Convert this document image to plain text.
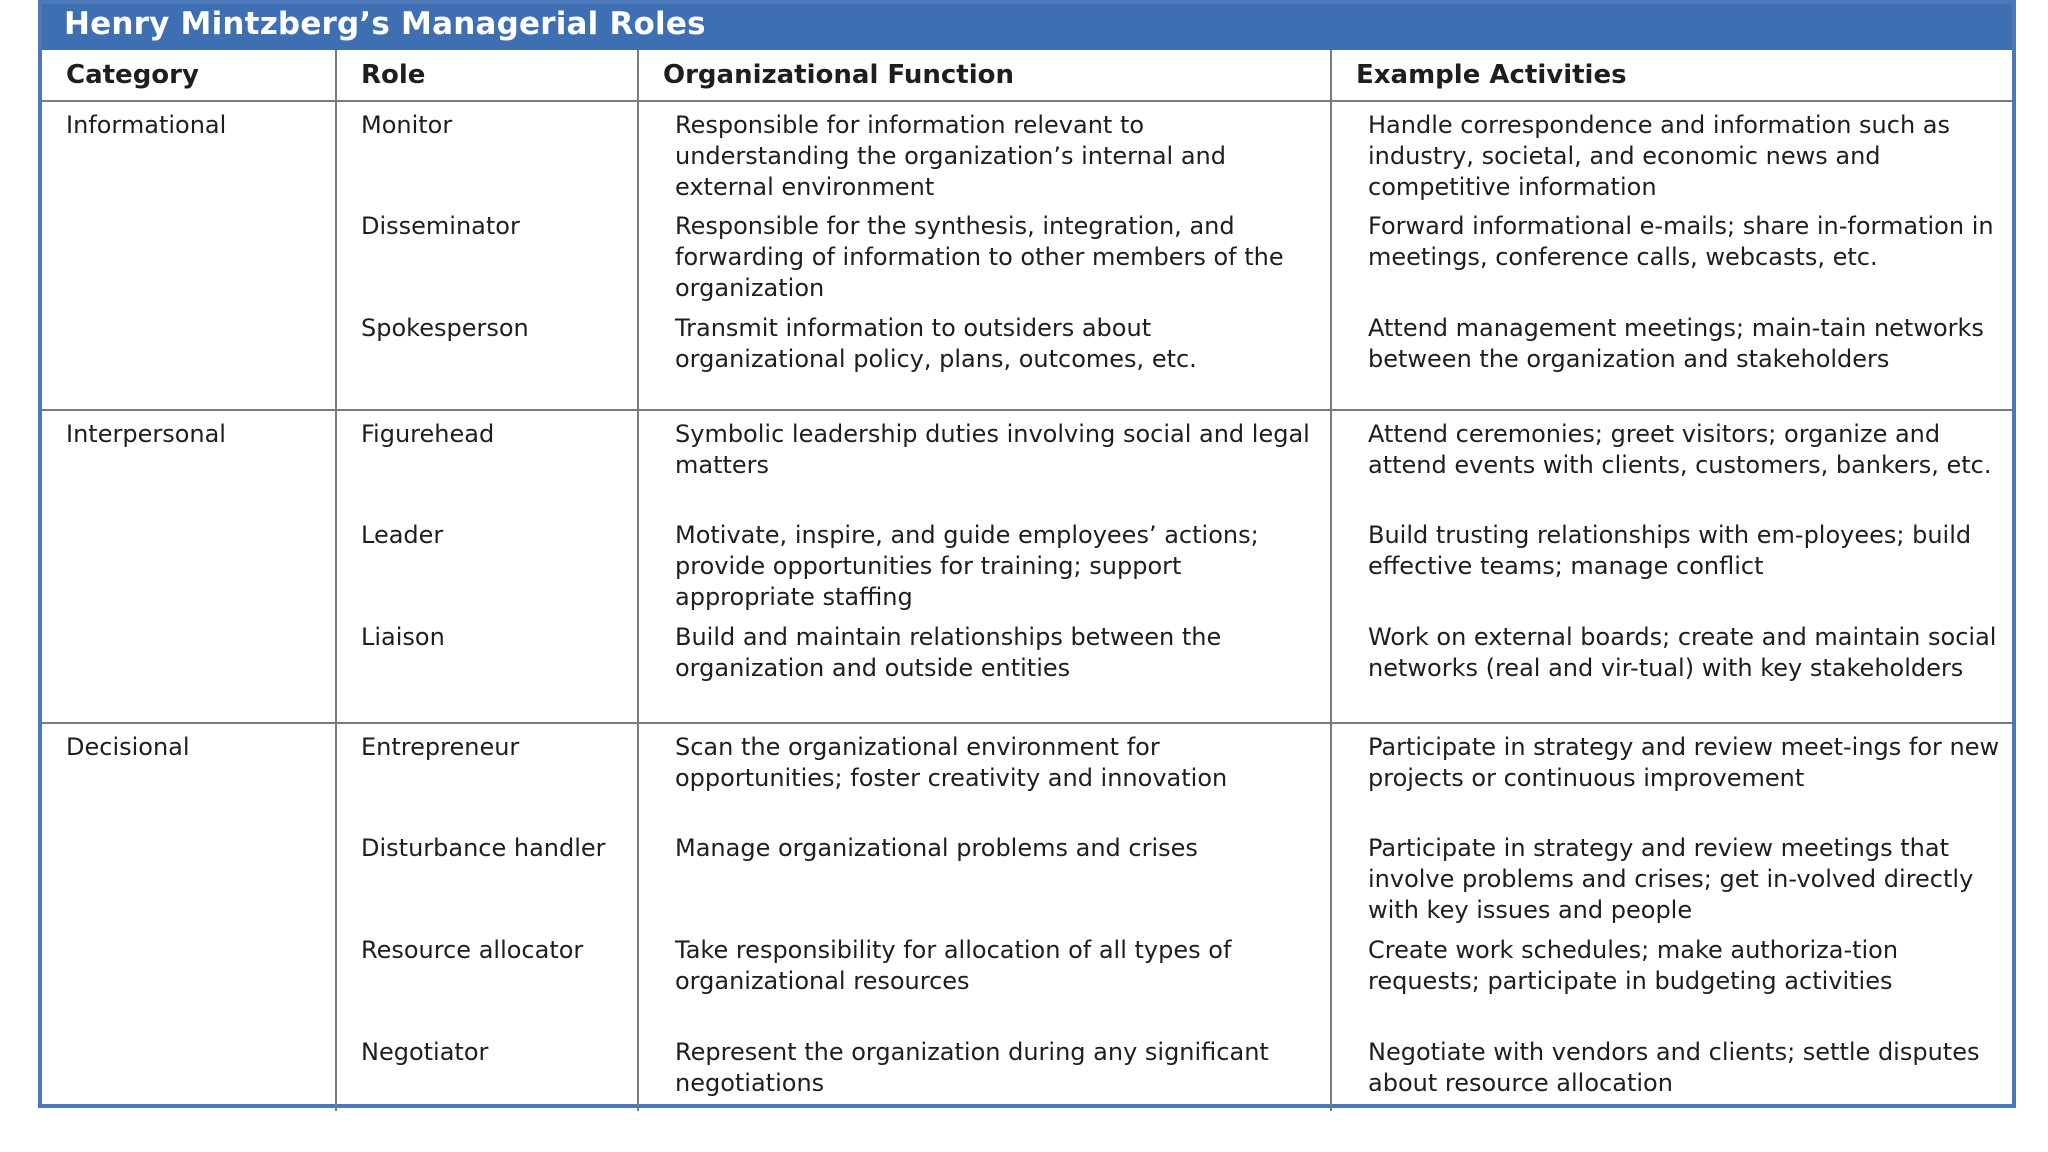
Henry Mintzberg’s Managerial Roles
Category	Role	Organizational Function	Example Activities
Informational	Monitor	Responsible for information relevant to understanding the organization’s internal and external environment	Handle correspondence and information such as industry, societal, and economic news and competitive information
	Disseminator	Responsible for the synthesis, integration, and forwarding of information to other members of the organization	Forward informational e-mails; share in-formation in meetings, conference calls, webcasts, etc.
	Spokesperson	Transmit information to outsiders about organizational policy, plans, outcomes, etc.	Attend management meetings; main-tain networks between the organization and stakeholders
Interpersonal	Figurehead	Symbolic leadership duties involving social and legal matters	Attend ceremonies; greet visitors; organize and attend events with clients, customers, bankers, etc.
	Leader	Motivate, inspire, and guide employees’ actions; provide opportunities for training; support appropriate staffing	Build trusting relationships with em-ployees; build effective teams; manage conflict
	Liaison	Build and maintain relationships between the organization and outside entities	Work on external boards; create and maintain social networks (real and vir-tual) with key stakeholders
Decisional	Entrepreneur	Scan the organizational environment for opportunities; foster creativity and innovation	Participate in strategy and review meet-ings for new projects or continuous improvement
	Disturbance handler	Manage organizational problems and crises	Participate in strategy and review meetings that involve problems and crises; get in-volved directly with key issues and people
	Resource allocator	Take responsibility for allocation of all types of organizational resources	Create work schedules; make authoriza-tion requests; participate in budgeting activities
	Negotiator	Represent the organization during any significant negotiations	Negotiate with vendors and clients; settle disputes about resource allocation
